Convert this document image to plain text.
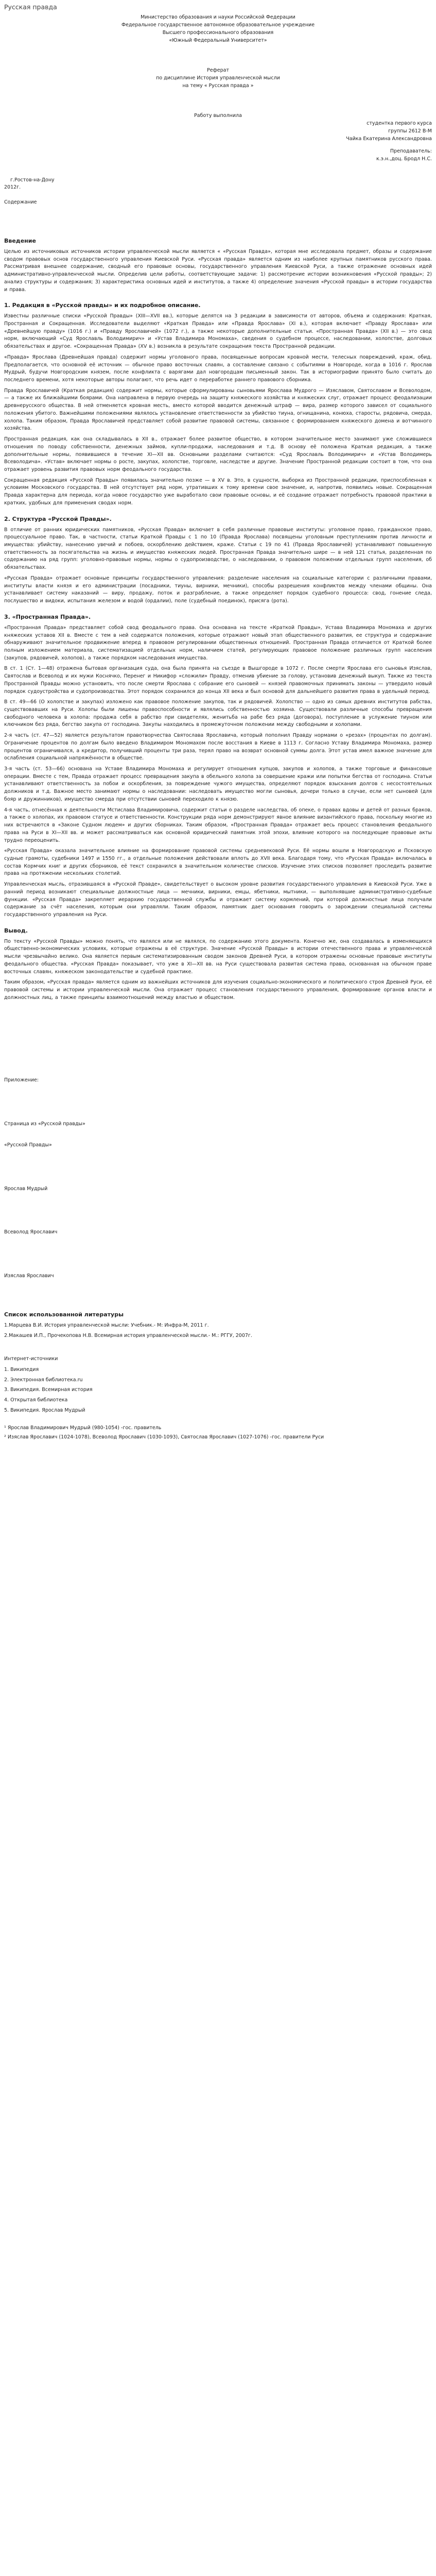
Русская правда

Министерство образования и науки Российской Федерации

Федеральное государственное автономное образовательное учреждение

Высшего профессионального образования

«Южный Федеральный Университет»

Реферат

по дисциплине История управленческой мысли

на тему « Русская правда »

Работу выполнила

студентка первого курса

группы 2612 В-М

Чайка Екатерина Александровна

Преподаватель:

к.э.н.,доц. Бродл Н.С.

г.Ростов-на-Дону

2012г.

Содержание

Введение

Целью из источниковых источников истории управленческой мысли является « «Русская Правда», которая мне исследовала предмет, образы и содержание сводом правовых основ государственного управления Киевской Руси. «Русская правда» является одним из наиболее крупных памятников русского права. Рассматривая внешнее содержание, сводный его правовые основы, государственного управления Киевской Руси, а также отражение основных идей административно-управленческой мысли. Определив цели работы, соответствующие задачи: 1) рассмотрение истории возникновения «Русской правды»; 2) анализ структуры и содержания; 3) характеристика основных идей и институтов, а также 4) определение значения «Русской правды» в истории государства и права.

1. Редакция в «Русской правды» и их подробное описание.

Известны различные списки «Русской Правды» (XIII—XVII вв.), которые делятся на 3 редакции в зависимости от авторов, объема и содержания: Краткая, Пространная и Сокращенная. Исследователи выделяют «Краткая Правда» или «Правда Ярослава» (XI в.), которая включает «Правду Ярослава» или «Древнейшую правду» (1016 г.) и «Правду Ярославичей» (1072 г.), а также некоторые дополнительные статьи. «Пространная Правда» (XII в.) — это свод норм, включающий «Суд Ярославль Володимирич» и «Устав Владимира Мономаха», сведения о судебном процессе, наследовании, холопстве, долговых обязательствах и другое. «Сокращенная Правда» (XV в.) возникла в результате сокращения текста Пространной редакции.

«Правда» Ярослава (Древнейшая правда) содержит нормы уголовного права, посвященные вопросам кровной мести, телесных повреждений, краж, обид. Предполагается, что основной её источник — обычное право восточных славян, а составление связано с событиями в Новгороде, когда в 1016 г. Ярослав Мудрый, будучи Новгородским князем, после конфликта с варягами дал новгородцам письменный закон. Так в историографии принято было считать до последнего времени, хотя некоторые авторы полагают, что речь идет о переработке раннего правового сборника.

Правда Ярославичей (Краткая редакция) содержит нормы, которые сформулированы сыновьями Ярослава Мудрого — Изяславом, Святославом и Всеволодом, — а также их ближайшими боярами. Она направлена в первую очередь на защиту княжеского хозяйства и княжеских слуг, отражает процесс феодализации древнерусского общества. В ней отменяется кровная месть, вместо которой вводится денежный штраф — вира, размер которого зависел от социального положения убитого. Важнейшими положениями являлось установление ответственности за убийство тиуна, огнищанина, конюха, старосты, рядовича, смерда, холопа. Таким образом, Правда Ярославичей представляет собой развитие правовой системы, связанное с формированием княжеского домена и вотчинного хозяйства.

Пространная редакция, как она складывалась в XII в., отражает более развитое общество, в котором значительное место занимают уже сложившиеся отношения по поводу собственности, денежных займов, купли-продажи, наследования и т.д. В основу её положена Краткая редакция, а также дополнительные нормы, появившиеся в течение XI—XII вв. Основными разделами считаются: «Суд Ярославль Володимирич» и «Устав Володимерь Всеволодича». «Устав» включает нормы о росте, закупах, холопстве, торговле, наследстве и другие. Значение Пространной редакции состоит в том, что она отражает уровень развития правовых норм феодального государства.

Сокращенная редакция «Русской Правды» появилась значительно позже — в XV в. Это, в сущности, выборка из Пространной редакции, приспособленная к условиям Московского государства. В ней отсутствует ряд норм, утративших к тому времени свое значение, и, напротив, появились новые. Сокращенная Правда характерна для периода, когда новое государство уже выработало свои правовые основы, и её создание отражает потребность правовой практики в кратких, удобных для применения сводах норм.

2. Структура «Русской Правды».

В отличие от ранних юридических памятников, «Русская Правда» включает в себя различные правовые институты: уголовное право, гражданское право, процессуальное право. Так, в частности, статьи Краткой Правды с 1 по 10 (Правда Ярослава) посвящены уголовным преступлениям против личности и имущества: убийству, нанесению увечий и побоев, оскорблению действием, краже. Статьи с 19 по 41 (Правда Ярославичей) устанавливают повышенную ответственность за посягательства на жизнь и имущество княжеских людей. Пространная Правда значительно шире — в ней 121 статья, разделенная по содержанию на ряд групп: уголовно-правовые нормы, нормы о судопроизводстве, о наследовании, о правовом положении отдельных групп населения, об обязательствах.

«Русская Правда» отражает основные принципы государственного управления: разделение населения на социальные категории с различными правами, институты власти князя и его администрации (посадники, тиуны, вирники, мечники), способы разрешения конфликтов между членами общины. Она устанавливает систему наказаний — виру, продажу, поток и разграбление, а также определяет порядок судебного процесса: свод, гонение следа, послушество и видоки, испытания железом и водой (ордалии), поле (судебный поединок), присяга (рота).

3. «Пространная Правда».

«Пространная Правда» представляет собой свод феодального права. Она основана на тексте «Краткой Правды», Устава Владимира Мономаха и других княжеских уставов XII в. Вместе с тем в ней содержатся положения, которые отражают новый этап общественного развития, ее структура и содержание обнаруживают значительное продвижение вперед в правовом регулировании общественных отношений. Пространная Правда отличается от Краткой более полным изложением материала, систематизацией отдельных норм, наличием статей, регулирующих правовое положение различных групп населения (закупов, рядовичей, холопов), а также порядком наследования имущества.

В ст. 1 (Ст. 1—48) отражена бытовая организация суда, она была принята на съезде в Вышгороде в 1072 г. После смерти Ярослава его сыновья Изяслав, Святослав и Всеволод и их мужи Коснячко, Перенег и Никифор «сложили» Правду, отменив убиение за голову, установив денежный выкуп. Также из текста Пространной Правды можно установить, что после смерти Ярослава с собрание его сыновей — князей правомочных принимать законы — утвердило новый порядок судоустройства и судопроизводства. Этот порядок сохранился до конца XII века и был основой для дальнейшего развития права в удельный период.

В ст. 49—66 (О холопстве и закупах) изложено как правовое положение закупов, так и рядовичей. Холопство — одно из самых древних институтов рабства, существовавших на Руси. Холопы были лишены правоспособности и являлись собственностью хозяина. Существовали различные способы превращения свободного человека в холопа: продажа себя в рабство при свидетелях, женитьба на рабе без ряда (договора), поступление в услужение тиуном или ключником без ряда, бегство закупа от господина. Закупы находились в промежуточном положении между свободными и холопами.

2-я часть (ст. 47—52) является результатом правотворчества Святослава Ярославича, который пополнил Правду нормами о «резах» (процентах по долгам). Ограничение процентов по долгам было введено Владимиром Мономахом после восстания в Киеве в 1113 г. Согласно Уставу Владимира Мономаха, размер процентов ограничивался, а кредитор, получивший проценты три раза, терял право на возврат основной суммы долга. Этот устав имел важное значение для ослабления социальной напряжённости в обществе.

3-я часть (ст. 53—66) основана на Уставе Владимира Мономаха и регулирует отношения купцов, закупов и холопов, а также торговые и финансовые операции. Вместе с тем, Правда отражает процесс превращения закупа в обельного холопа за совершение кражи или попытки бегства от господина. Статьи устанавливают ответственность за побои и оскорбления, за повреждение чужого имущества, определяют порядок взыскания долгов с несостоятельных должников и т.д. Важное место занимают нормы о наследовании: наследовать имущество могли сыновья, дочери только в случае, если нет сыновей (для бояр и дружинников), имущество смерда при отсутствии сыновей переходило к князю.

4-я часть, отнесённая к деятельности Мстислава Владимировича, содержит статьи о разделе наследства, об опеке, о правах вдовы и детей от разных браков, а также о холопах, их правовом статусе и ответственности. Конструкции ряда норм демонстрируют явное влияние византийского права, поскольку многие из них встречаются в «Законе Судном людем» и других сборниках. Таким образом, «Пространная Правда» отражает весь процесс становления феодального права на Руси в XI—XII вв. и может рассматриваться как основной юридический памятник этой эпохи, влияние которого на последующие правовые акты трудно переоценить.

«Русская Правда» оказала значительное влияние на формирование правовой системы средневековой Руси. Её нормы вошли в Новгородскую и Псковскую судные грамоты, судебники 1497 и 1550 гг., а отдельные положения действовали вплоть до XVII века. Благодаря тому, что «Русская Правда» включалась в состав Кормчих книг и других сборников, её текст сохранился в значительном количестве списков. Изучение этих списков позволяет проследить развитие права на протяжении нескольких столетий.

Управленческая мысль, отразившаяся в «Русской Правде», свидетельствует о высоком уровне развития государственного управления в Киевской Руси. Уже в ранний период возникают специальные должностные лица — мечники, вирники, емцы, ябетники, мытники, — выполнявшие административно-судебные функции. «Русская Правда» закрепляет иерархию государственной службы и отражает систему кормлений, при которой должностные лица получали содержание за счёт населения, которым они управляли. Таким образом, памятник дает основания говорить о зарождении специальной системы государственного управления на Руси.

Вывод.

По тексту «Русской Правды» можно понять, что являлся или не являлся, по содержанию этого документа. Конечно же, она создавалась в изменяющихся общественно-экономических условиях, которые отражены в её структуре. Значение «Русской Правды» в истории отечественного права и управленческой мысли чрезвычайно велико. Она является первым систематизированным сводом законов Древней Руси, в котором отражены основные правовые институты феодального общества. «Русская Правда» показывает, что уже в XI—XII вв. на Руси существовала развитая система права, основанная на обычном праве восточных славян, княжеском законодательстве и судебной практике.

Таким образом, «Русская правда» является одним из важнейших источников для изучения социально-экономического и политического строя Древней Руси, её правовой системы и истории управленческой мысли. Она отражает процесс становления государственного управления, формирование органов власти и должностных лиц, а также принципы взаимоотношений между властью и обществом.

Приложение:

Страница из «Русской правды»

«Русской Правды»

Ярослав Мудрый

Всеволод Ярославич

Изяслав Ярославич

Список использованной литературы
1.Марцева В.И. История управленческой мысли: Учебник.- М: Инфра-М, 2011 г.
2.Макашев И.П., Прочекопова Н.В. Всемирная история управленческой мысли.- М.: РГГУ, 2007г.

Интернет-источники

1. Википедия
2. Электронная библиотека.ru
3. Википедия. Всемирная история
4. Открытая библиотека
5. Википедия. Ярослав Мудрый

¹ Ярослав Владимирович Мудрый (980-1054) -гос. правитель

² Изяслав Ярославич (1024-1078), Всеволод Ярославич (1030-1093), Святослав Ярославич (1027-1076) -гос. правители Руси
